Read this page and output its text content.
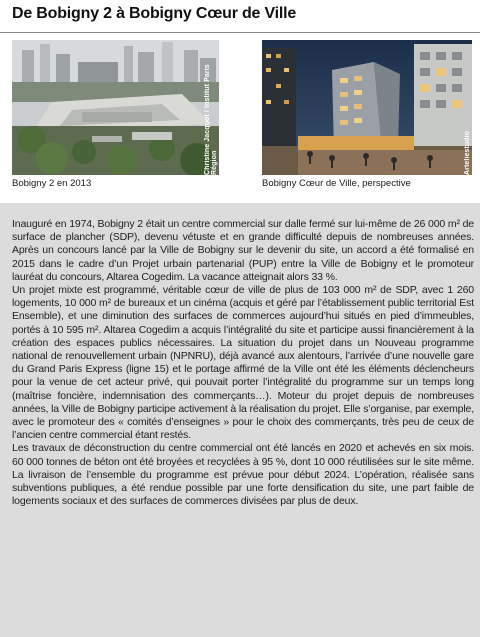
De Bobigny 2 à Bobigny Cœur de Ville
Christine Jacquot / Institut Paris Région	Arteliestudio
Bobigny 2 en 2013	Bobigny Cœur de Ville, perspective

Inauguré en 1974, Bobigny 2 était un centre commercial sur dalle fermé sur lui-même de 26 000 m² de surface de plancher (SDP), devenu vétuste et en grande difficulté depuis de nombreuses années. Après un concours lancé par la Ville de Bobigny sur le devenir du site, un accord a été formalisé en 2015 dans le cadre d’un Projet urbain partenarial (PUP) entre la Ville de Bobigny et le promoteur lauréat du concours, Altarea Cogedim. La vacance atteignait alors 33 %.

Un projet mixte est programmé, véritable cœur de ville de plus de 103 000 m² de SDP, avec 1 260 logements, 10 000 m² de bureaux et un cinéma (acquis et géré par l’établissement public territorial Est Ensemble), et une diminution des surfaces de commerces aujourd’hui situés en pied d’immeubles, portés à 10 595 m². Altarea Cogedim a acquis l’intégralité du site et participe aussi financièrement à la création des espaces publics nécessaires. La situation du projet dans un Nouveau programme national de renouvellement urbain (NPNRU), déjà avancé aux alentours, l’arrivée d’une nouvelle gare du Grand Paris Express (ligne 15) et le portage affirmé de la Ville ont été les éléments déclencheurs pour la venue de cet acteur privé, qui pouvait porter l’intégralité du programme sur un temps long (maîtrise foncière, indemnisation des commerçants…). Moteur du projet depuis de nombreuses années, la Ville de Bobigny participe activement à la réalisation du projet. Elle s’organise, par exemple, avec le promoteur des « comités d’enseignes » pour le choix des commerçants, très peu de ceux de l’ancien centre commercial étant restés.

Les travaux de déconstruction du centre commercial ont été lancés en 2020 et achevés en six mois. 60 000 tonnes de béton ont été broyées et recyclées à 95 %, dont 10 000 réutilisées sur le site même. La livraison de l’ensemble du programme est prévue pour début 2024. L’opération, réalisée sans subventions publiques, a été rendue possible par une forte densification du site, une part faible de logements sociaux et des surfaces de commerces divisées par plus de deux.
